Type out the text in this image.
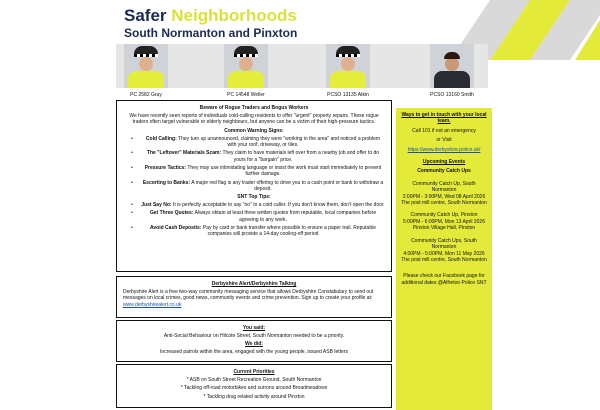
Safer Neighborhoods
South Normanton and Pinxton
PC 2582 Gray	PC 14548 Weller	PCSO 13135 Atkin	PCSO 13160 Smith
Beware of Rogue Traders and Bogus Workers

We have recently seen reports of individuals cold-calling residents to offer "urgent" property repairs. These rogue traders often target vulnerable or elderly neighbours, but anyone can be a victim of their high-pressure tactics.

Common Warning Signs:
• Cold Calling: They turn up unannounced, claiming they were "working in the area" and noticed a problem with your roof, driveway, or tiles.
• The "Leftover" Materials Scam: They claim to have materials left over from a nearby job and offer to do yours for a "bargain" price.
• Pressure Tactics: They may use intimidating language or insist the work must start immediately to prevent further damage.
• Escorting to Banks: A major red flag is any trader offering to drive you to a cash point or bank to withdraw a deposit.
SNT Top Tips:
• Just Say No: It is perfectly acceptable to say "no" to a cold caller. If you don't know them, don't open the door.
• Get Three Quotes: Always obtain at least three written quotes from reputable, local companies before agreeing to any work.
• Avoid Cash Deposits: Pay by card or bank transfer where possible to ensure a paper trail. Reputable companies will provide a 14-day cooling-off period
Derbyshire Alert/Derbyshire Talking

Derbyshire Alert is a free two-way community messaging service that allows Derbyshire Constabulary to send out messages on local crimes, good news, community events and crime prevention. Sign up to create your profile at: www.derbyshirealert.co.uk

You said:

Anti-Social Behaviour on Hilcote Street, South Normanton needed to be a priority.

We did:

Increased patrols within the area, engaged with the young people, issued ASB letters

Current Priorities

* ASB on South Street Recreation Ground, South Normanton

* Tackling off-road motorbikes and surrons around Broadmeadows

* Tackling drug related activity around Pinxton

Ways to get in touch with your local team.
Call 101 if not an emergency
or Visit
https://www.derbyshire.police.uk/
Upcoming Events
Community Catch Ups
Community Catch Up, South Normanton
2:00PM - 3:00PM, Wed 08 April 2026
The post mill centre, South Normanton
Community Catch Up, Pinxton
5:00PM - 6:00PM, Mon 13 April 2026
Pinxton Village Hall, Pinxton
Community Catch Ups, South Normanton
4:00PM - 5:00PM, Mon 11 May 2026
The post mill centre, South Normanton
Please check our Facebook page for additional dates @Alfreton Police SNT
